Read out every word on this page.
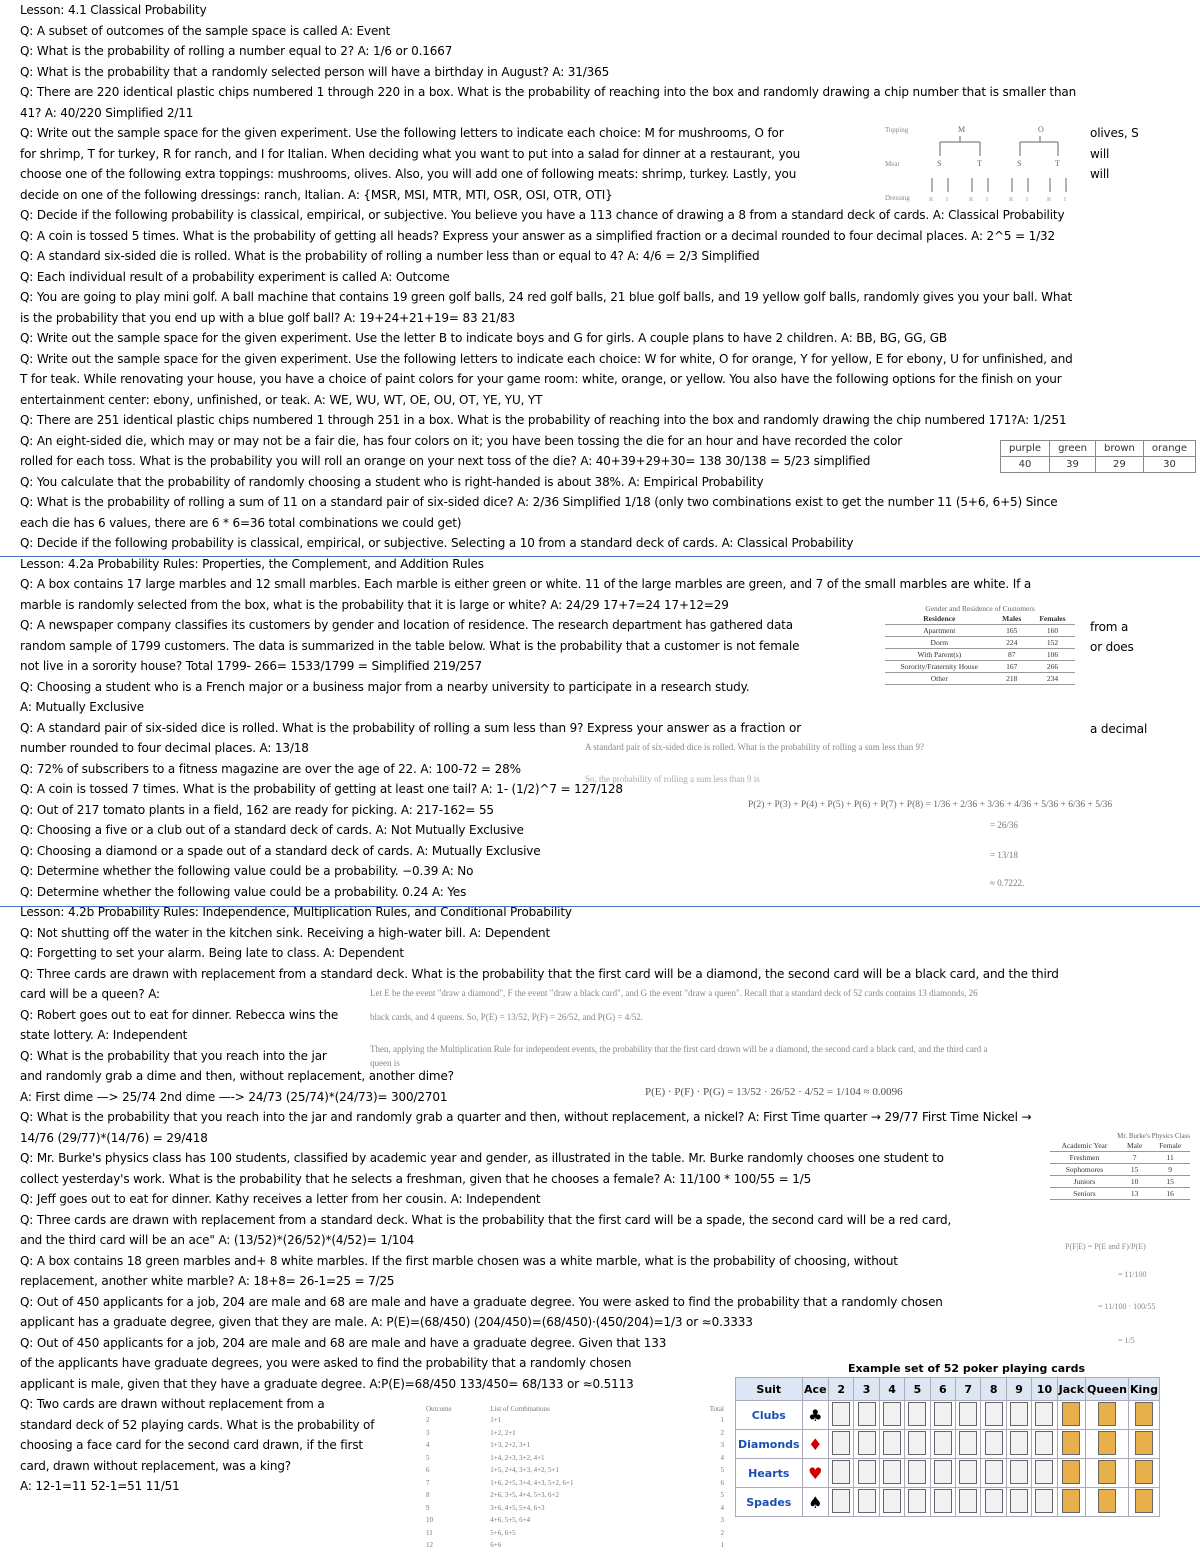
Lesson: 4.1 Classical Probability
Q: A subset of outcomes of the sample space is called A: Event
Q: What is the probability of rolling a number equal to 2? A: 1/6 or 0.1667
Q: What is the probability that a randomly selected person will have a birthday in August? A: 31/365
Q: There are 220 identical plastic chips numbered 1 through 220 in a box. What is the probability of reaching into the box and randomly drawing a chip number that is smaller than
41? A: 40/220 Simplified 2/11
Q: Write out the sample space for the given experiment. Use the following letters to indicate each choice: M for mushrooms, O for
for shrimp, T for turkey, R for ranch, and I for Italian. When deciding what you want to put into a salad for dinner at a restaurant, you
choose one of the following extra toppings: mushrooms, olives. Also, you will add one of following meats: shrimp, turkey. Lastly, you
decide on one of the following dressings: ranch, Italian. A: {MSR, MSI, MTR, MTI, OSR, OSI, OTR, OTI}
Q: Decide if the following probability is classical, empirical, or subjective. You believe you have a 113 chance of drawing a 8 from a standard deck of cards. A: Classical Probability
Q: A coin is tossed 5 times. What is the probability of getting all heads? Express your answer as a simplified fraction or a decimal rounded to four decimal places. A: 2^5 = 1/32
Q: A standard six-sided die is rolled. What is the probability of rolling a number less than or equal to 4? A: 4/6 = 2/3 Simplified
Q: Each individual result of a probability experiment is called A: Outcome
Q: You are going to play mini golf. A ball machine that contains 19 green golf balls, 24 red golf balls, 21 blue golf balls, and 19 yellow golf balls, randomly gives you your ball. What
is the probability that you end up with a blue golf ball? A: 19+24+21+19= 83 21/83
Q: Write out the sample space for the given experiment. Use the letter B to indicate boys and G for girls. A couple plans to have 2 children. A: BB, BG, GG, GB
Q: Write out the sample space for the given experiment. Use the following letters to indicate each choice: W for white, O for orange, Y for yellow, E for ebony, U for unfinished, and
T for teak. While renovating your house, you have a choice of paint colors for your game room: white, orange, or yellow. You also have the following options for the finish on your
entertainment center: ebony, unfinished, or teak. A: WE, WU, WT, OE, OU, OT, YE, YU, YT
Q: There are 251 identical plastic chips numbered 1 through 251 in a box. What is the probability of reaching into the box and randomly drawing the chip numbered 171?A: 1/251
Q: An eight-sided die, which may or may not be a fair die, has four colors on it; you have been tossing the die for an hour and have recorded the color
rolled for each toss. What is the probability you will roll an orange on your next toss of the die? A: 40+39+29+30= 138 30/138 = 5/23 simplified
Q: You calculate that the probability of randomly choosing a student who is right-handed is about 38%. A: Empirical Probability
Q: What is the probability of rolling a sum of 11 on a standard pair of six-sided dice? A: 2/36 Simplified 1/18 (only two combinations exist to get the number 11 (5+6, 6+5) Since
each die has 6 values, there are 6 * 6=36 total combinations we could get)
Q: Decide if the following probability is classical, empirical, or subjective. Selecting a 10 from a standard deck of cards. A: Classical Probability
Lesson: 4.2a Probability Rules: Properties, the Complement, and Addition Rules
Q: A box contains 17 large marbles and 12 small marbles. Each marble is either green or white. 11 of the large marbles are green, and 7 of the small marbles are white. If a
marble is randomly selected from the box, what is the probability that it is large or white? A: 24/29 17+7=24 17+12=29
Q: A newspaper company classifies its customers by gender and location of residence. The research department has gathered data
random sample of 1799 customers. The data is summarized in the table below. What is the probability that a customer is not female
not live in a sorority house? Total 1799- 266= 1533/1799 = Simplified 219/257
Q: Choosing a student who is a French major or a business major from a nearby university to participate in a research study.
A: Mutually Exclusive
Q: A standard pair of six-sided dice is rolled. What is the probability of rolling a sum less than 9? Express your answer as a fraction or
number rounded to four decimal places. A: 13/18
Q: 72% of subscribers to a fitness magazine are over the age of 22. A: 100-72 = 28%
Q: A coin is tossed 7 times. What is the probability of getting at least one tail? A: 1- (1/2)^7 = 127/128
Q: Out of 217 tomato plants in a field, 162 are ready for picking. A: 217-162= 55
Q: Choosing a five or a club out of a standard deck of cards. A: Not Mutually Exclusive
Q: Choosing a diamond or a spade out of a standard deck of cards. A: Mutually Exclusive
Q: Determine whether the following value could be a probability. −0.39 A: No
Q: Determine whether the following value could be a probability. 0.24 A: Yes
Lesson: 4.2b Probability Rules: Independence, Multiplication Rules, and Conditional Probability
Q: Not shutting off the water in the kitchen sink. Receiving a high-water bill. A: Dependent
Q: Forgetting to set your alarm. Being late to class. A: Dependent
Q: Three cards are drawn with replacement from a standard deck. What is the probability that the first card will be a diamond, the second card will be a black card, and the third
card will be a queen? A:
Q: Robert goes out to eat for dinner. Rebecca wins the
state lottery. A: Independent
Q: What is the probability that you reach into the jar
and randomly grab a dime and then, without replacement, another dime?
A: First dime —> 25/74 2nd dime —-> 24/73 (25/74)*(24/73)= 300/2701
Q: What is the probability that you reach into the jar and randomly grab a quarter and then, without replacement, a nickel? A: First Time quarter → 29/77 First Time Nickel →
14/76 (29/77)*(14/76) = 29/418
Q: Mr. Burke's physics class has 100 students, classified by academic year and gender, as illustrated in the table. Mr. Burke randomly chooses one student to
collect yesterday's work. What is the probability that he selects a freshman, given that he chooses a female? A: 11/100 * 100/55 = 1/5
Q: Jeff goes out to eat for dinner. Kathy receives a letter from her cousin. A: Independent
Q: Three cards are drawn with replacement from a standard deck. What is the probability that the first card will be a spade, the second card will be a red card,
and the third card will be an ace" A: (13/52)*(26/52)*(4/52)= 1/104
Q: A box contains 18 green marbles and+ 8 white marbles. If the first marble chosen was a white marble, what is the probability of choosing, without
replacement, another white marble? A: 18+8= 26-1=25 = 7/25
Q: Out of 450 applicants for a job, 204 are male and 68 are male and have a graduate degree. You were asked to find the probability that a randomly chosen
applicant has a graduate degree, given that they are male. A: P(E)=(68/450) (204/450)=(68/450)·(450/204)=1/3 or ≈0.3333
Q: Out of 450 applicants for a job, 204 are male and 68 are male and have a graduate degree. Given that 133
of the applicants have graduate degrees, you were asked to find the probability that a randomly chosen
applicant is male, given that they have a graduate degree. A:P(E)=68/450 133/450= 68/133 or ≈0.5113
Q: Two cards are drawn without replacement from a
standard deck of 52 playing cards. What is the probability of
choosing a face card for the second card drawn, if the first
card, drawn without replacement, was a king?
A: 12-1=11 52-1=51 11/51
olives, S
will
will
from a
or does
a decimal
Topping
Meat
Dressing
M	O
S	T	S	T
R I	R I	R I	R I
purple	green	brown	orange
40	39	29	30
Gender and Residence of Customers
Residence	Males	Females
Apartment	165	160
Dorm	224	152
With Parent(s)	87	106
Sorority/Fraternity House	167	266
Other	218	234
A standard pair of six-sided dice is rolled. What is the probability of rolling a sum less than 9?
So, the probability of rolling a sum less than 9 is
P(2) + P(3) + P(4) + P(5) + P(6) + P(7) + P(8) = 1/36 + 2/36 + 3/36 + 4/36 + 5/36 + 6/36 + 5/36
= 26/36
= 13/18
≈ 0.7222.
Let E be the event "draw a diamond", F the event "draw a black card", and G the event "draw a queen". Recall that a standard deck of 52 cards contains 13 diamonds, 26
black cards, and 4 queens. So, P(E) = 13/52, P(F) = 26/52, and P(G) = 4/52.
Then, applying the Multiplication Rule for independent events, the probability that the first card drawn will be a diamond, the second card a black card, and the third card a
queen is
P(E) · P(F) · P(G) = 13/52 · 26/52 · 4/52 = 1/104 ≈ 0.0096
Mr. Burke's Physics Class
Academic Year	Male	Female
Freshmen	7	11
Sophomores	15	9
Juniors	10	15
Seniors	13	16
P(F|E) = P(E and F)/P(E)
= 11/100
= 11/100 · 100/55
= 1/5
Outcome	List of Combinations	Total
2	1+1	1
3	1+2, 2+1	2
4	1+3, 2+2, 3+1	3
5	1+4, 2+3, 3+2, 4+1	4
6	1+5, 2+4, 3+3, 4+2, 5+1	5
7	1+6, 2+5, 3+4, 4+3, 5+2, 6+1	6
8	2+6, 3+5, 4+4, 5+3, 6+2	5
9	3+6, 4+5, 5+4, 6+3	4
10	4+6, 5+5, 6+4	3
11	5+6, 6+5	2
12	6+6	1
Example set of 52 poker playing cards
Suit	Ace	2	3	4	5	6	7	8	9	10	Jack	Queen	King
Clubs	♣												
Diamonds	♦												
Hearts	♥												
Spades	♠												
